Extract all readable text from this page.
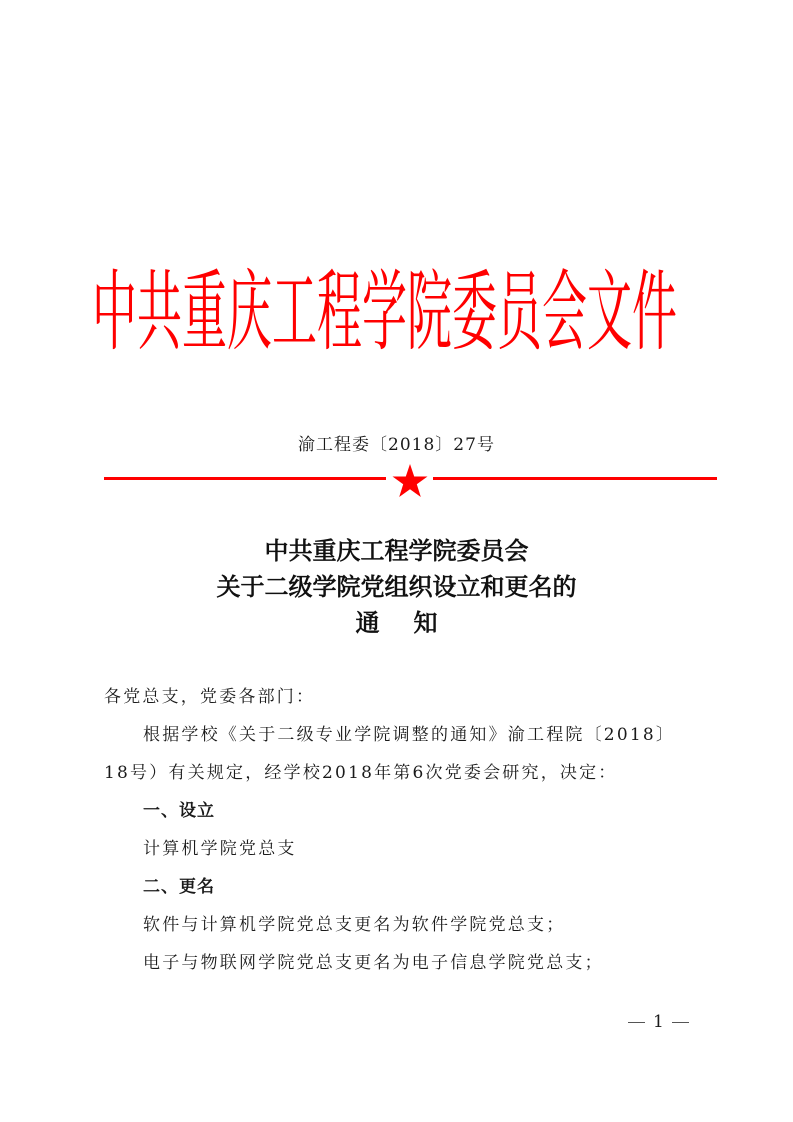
中共重庆工程学院委员会文件
渝工程委〔2018〕27号
中共重庆工程学院委员会
关于二级学院党组织设立和更名的
通知
各党总支，党委各部门：
根据学校《关于二级专业学院调整的通知》渝工程院〔2018〕
18号）有关规定，经学校2018年第6次党委会研究，决定：
一、设立
计算机学院党总支
二、更名
软件与计算机学院党总支更名为软件学院党总支；
电子与物联网学院党总支更名为电子信息学院党总支；
1
